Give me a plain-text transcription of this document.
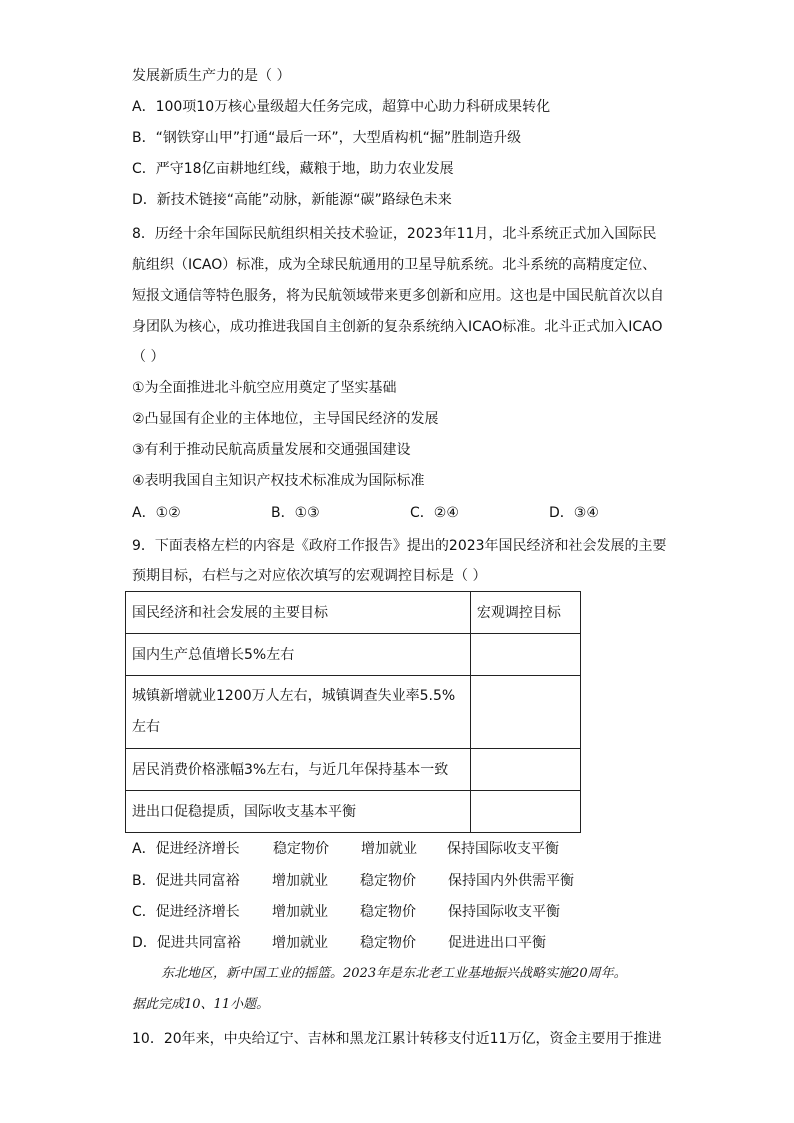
发展新质生产力的是（ ）
A．100项10万核心量级超大任务完成，超算中心助力科研成果转化
B．“钢铁穿山甲”打通“最后一环”，大型盾构机“掘”胜制造升级
C．严守18亿亩耕地红线，藏粮于地，助力农业发展
D．新技术链接“高能”动脉，新能源“碳”路绿色未来
8．历经十余年国际民航组织相关技术验证，2023年11月，北斗系统正式加入国际民
航组织（ICAO）标准，成为全球民航通用的卫星导航系统。北斗系统的高精度定位、
短报文通信等特色服务，将为民航领域带来更多创新和应用。这也是中国民航首次以自
身团队为核心，成功推进我国自主创新的复杂系统纳入ICAO标准。北斗正式加入ICAO
（ ）
①为全面推进北斗航空应用奠定了坚实基础
②凸显国有企业的主体地位，主导国民经济的发展
③有利于推动民航高质量发展和交通强国建设
④表明我国自主知识产权技术标准成为国际标准
A．①②	B．①③	C．②④	D．③④
9．下面表格左栏的内容是《政府工作报告》提出的2023年国民经济和社会发展的主要
预期目标，右栏与之对应依次填写的宏观调控目标是（ ）
国民经济和社会发展的主要目标	宏观调控目标
国内生产总值增长5%左右	
城镇新增就业1200万人左右，城镇调查失业率5.5%左右	
居民消费价格涨幅3%左右，与近几年保持基本一致	
进出口促稳提质，国际收支基本平衡	
A．促进经济增长 稳定物价 增加就业 保持国际收支平衡
B．促进共同富裕 增加就业 稳定物价 保持国内外供需平衡
C．促进经济增长 增加就业 稳定物价 保持国际收支平衡
D．促进共同富裕 增加就业 稳定物价 促进进出口平衡
东北地区，新中国工业的摇篮。2023年是东北老工业基地振兴战略实施20周年。
据此完成10、11小题。
10．20年来，中央给辽宁、吉林和黑龙江累计转移支付近11万亿，资金主要用于推进
